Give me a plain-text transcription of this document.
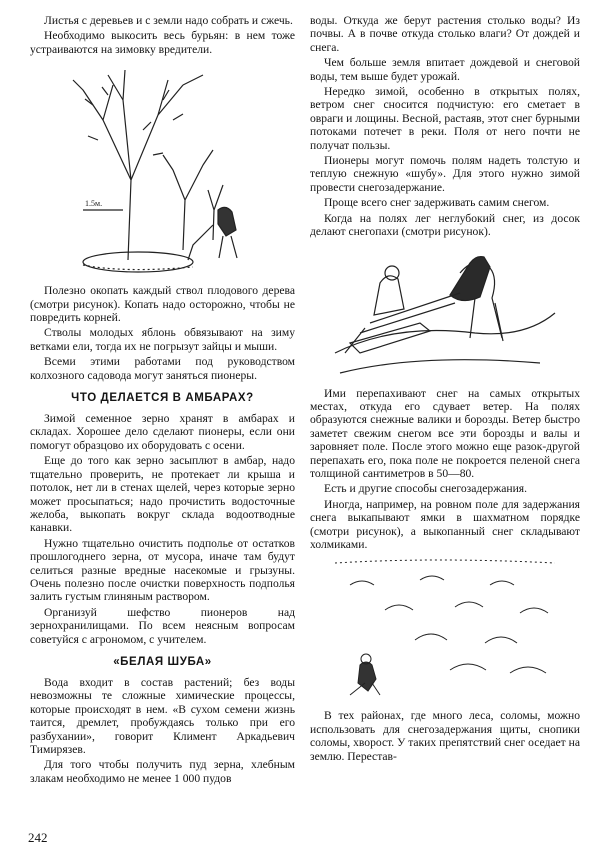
Листья с деревьев и с земли надо собрать и сжечь.

Необходимо выкосить весь бурьян: в нем тоже устраиваются на зимовку вредители.

1.5м.

Полезно окопать каждый ствол плодового дерева (смотри рисунок). Копать надо осторожно, чтобы не повредить корней.

Стволы молодых яблонь обвязывают на зиму ветками ели, тогда их не погрызут зайцы и мыши.

Всеми этими работами под руководством колхозного садовода могут заняться пионеры.

ЧТО ДЕЛАЕТСЯ В АМБАРАХ?

Зимой семенное зерно хранят в амбарах и складах. Хорошее дело сделают пионеры, если они помогут образцово их оборудовать с осени.

Еще до того как зерно засыплют в амбар, надо тщательно проверить, не протекает ли крыша и потолок, нет ли в стенах щелей, через которые зерно может просыпаться; надо прочистить водосточные желоба, выкопать вокруг склада водоотводные канавки.

Нужно тщательно очистить подполье от остатков прошлогоднего зерна, от мусора, иначе там будут селиться разные вредные насекомые и грызуны. Очень полезно после очистки поверхность подполья залить густым глиняным раствором.

Организуй шефство пионеров над зернохранилищами. По всем неясным вопросам советуйся с агрономом, с учителем.

«БЕЛАЯ ШУБА»

Вода входит в состав растений; без воды невозможны те сложные химические процессы, которые происходят в нем. «В сухом семени жизнь таится, дремлет, пробуждаясь только при его разбухании», говорит Климент Аркадьевич Тимирязев.

Для того чтобы получить пуд зерна, хлебным злакам необходимо не менее 1 000 пудов

воды. Откуда же берут растения столько воды? Из почвы. А в почве откуда столько влаги? От дождей и снега.

Чем больше земля впитает дождевой и снеговой воды, тем выше будет урожай.

Нередко зимой, особенно в открытых полях, ветром снег сносится подчистую: его сметает в овраги и лощины. Весной, растаяв, этот снег бурными потоками потечет в реки. Поля от него почти не получат пользы.

Пионеры могут помочь полям надеть толстую и теплую снежную «шубу». Для этого нужно зимой провести снегозадержание.

Проще всего снег задерживать самим снегом.

Когда на полях лег неглубокий снег, из досок делают снегопахи (смотри рисунок).

Ими перепахивают снег на самых открытых местах, откуда его сдувает ветер. На полях образуются снежные валики и борозды. Ветер быстро заметет свежим снегом все эти борозды и валы и заровняет поле. После этого можно еще разок-другой перепахать его, пока поле не покроется пеленой снега толщиной сантиметров в 50—80.

Есть и другие способы снегозадержания.

Иногда, например, на ровном поле для задержания снега выкапывают ямки в шахматном порядке (смотри рисунок), а выкопанный снег складывают холмиками.

В тех районах, где много леса, соломы, можно использовать для снегозадержания щиты, снопики соломы, хворост. У таких препятствий снег оседает на землю. Перестав-

242
